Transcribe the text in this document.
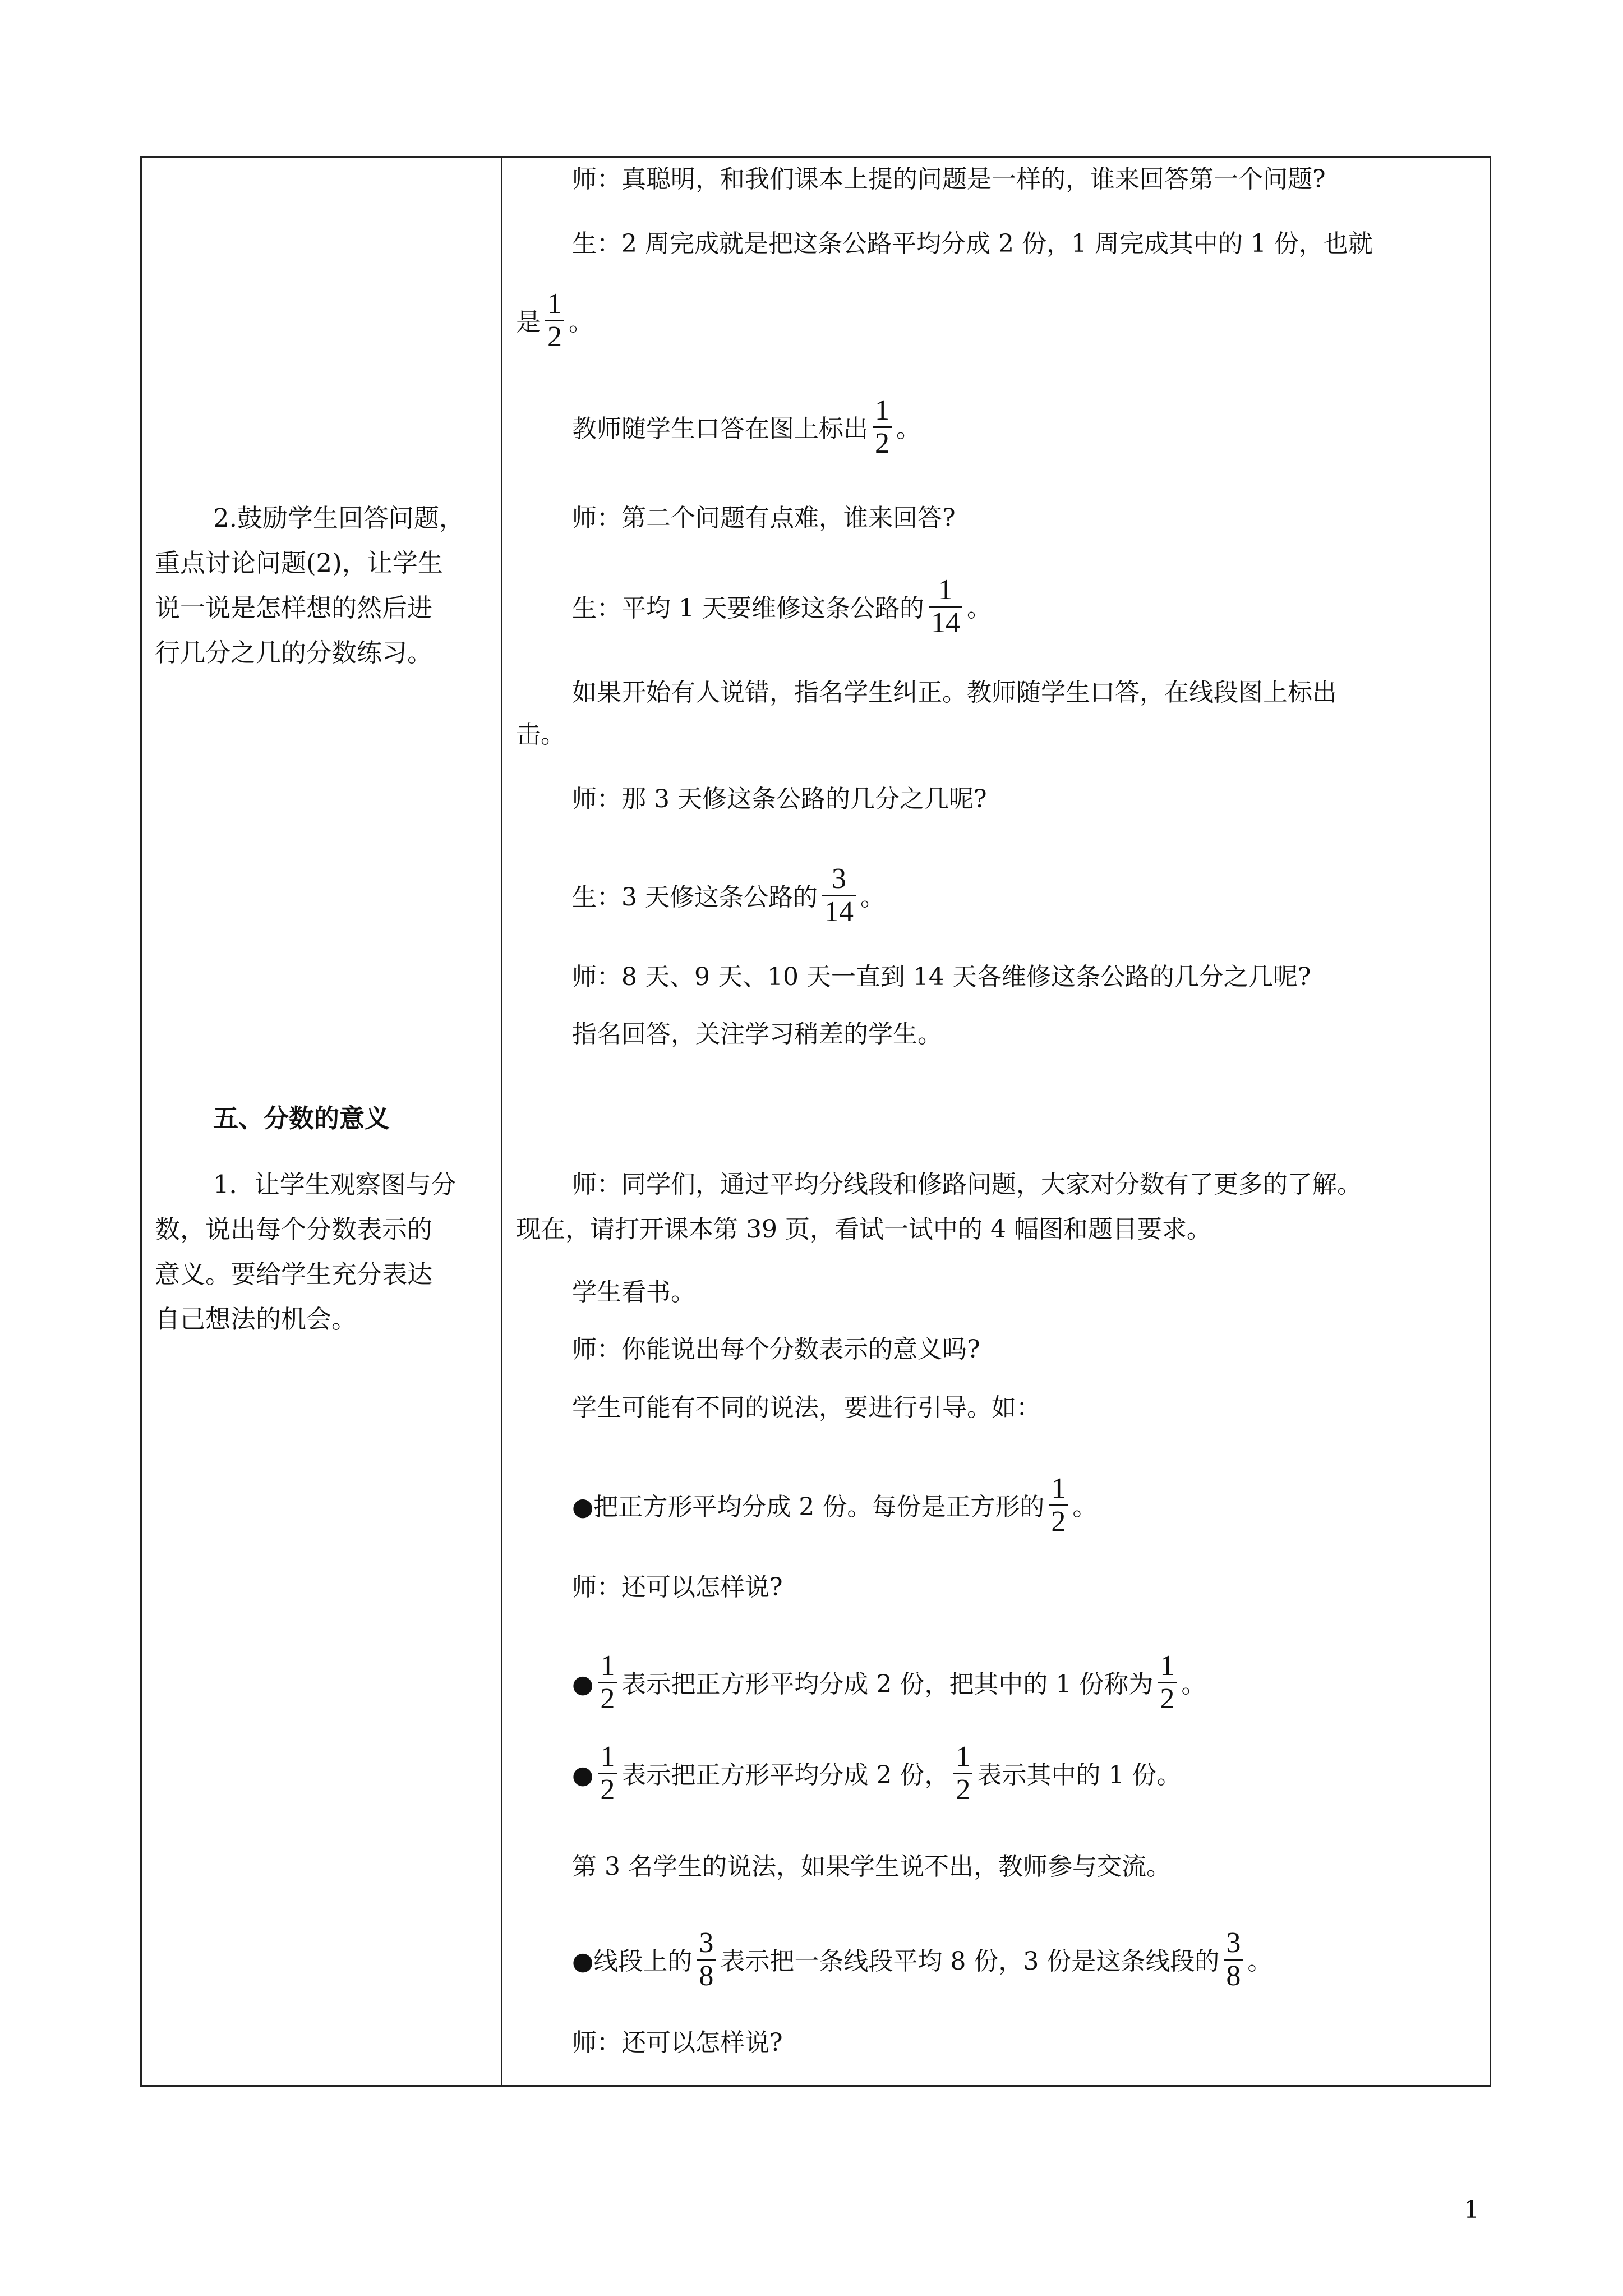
2.鼓励学生回答问题，
重点讨论问题(2)，让学生
说一说是怎样想的然后进
行几分之几的分数练习。
五、分数的意义
1．让学生观察图与分
数，说出每个分数表示的
意义。要给学生充分表达
自己想法的机会。
师：真聪明，和我们课本上提的问题是一样的，谁来回答第一个问题?
生：2 周完成就是把这条公路平均分成 2 份，1 周完成其中的 1 份，也就
是 $\frac{1}{2}$ 。
教师随学生口答在图上标出 $\frac{1}{2}$ 。
师：第二个问题有点难，谁来回答?
生：平均 1 天要维修这条公路的 $\frac{1}{14}$ 。
如果开始有人说错，指名学生纠正。教师随学生口答，在线段图上标出
击。
师：那 3 天修这条公路的几分之几呢?
生：3 天修这条公路的 $\frac{3}{14}$ 。
师：8 天、9 天、10 天一直到 14 天各维修这条公路的几分之几呢?
指名回答，关注学习稍差的学生。
师：同学们，通过平均分线段和修路问题，大家对分数有了更多的了解。
现在，请打开课本第 39 页，看试一试中的 4 幅图和题目要求。
学生看书。
师：你能说出每个分数表示的意义吗?
学生可能有不同的说法，要进行引导。如：
●把正方形平均分成 2 份。每份是正方形的 $\frac{1}{2}$ 。
师：还可以怎样说?
● $\frac{1}{2}$ 表示把正方形平均分成 2 份，把其中的 1 份称为 $\frac{1}{2}$ 。
● $\frac{1}{2}$ 表示把正方形平均分成 2 份， $\frac{1}{2}$ 表示其中的 1 份。
第 3 名学生的说法，如果学生说不出，教师参与交流。
●线段上的 $\frac{3}{8}$ 表示把一条线段平均 8 份，3 份是这条线段的 $\frac{3}{8}$ 。
师：还可以怎样说?
1
